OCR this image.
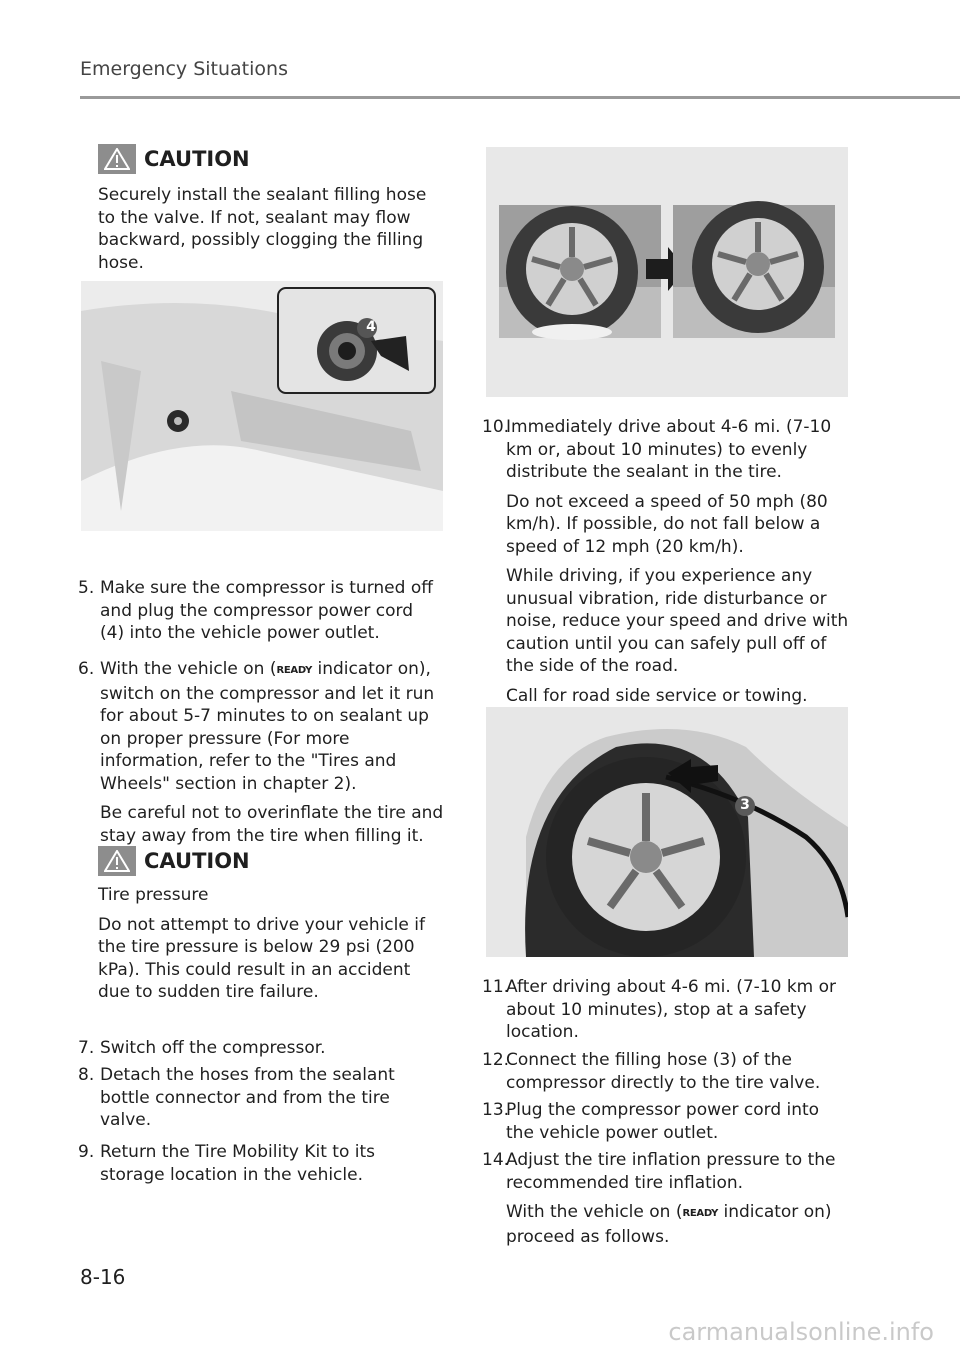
Emergency Situations
CAUTION
Securely install the sealant filling hose
to the valve. If not, sealant may flow
backward, possibly clogging the filling
hose.
4
5. Make sure the compressor is turned off
and plug the compressor power cord
(4) into the vehicle power outlet.
6. With the vehicle on (READY indicator on),
switch on the compressor and let it run
for about 5-7 minutes to on sealant up
on proper pressure (For more
information, refer to the "Tires and
Wheels" section in chapter 2).
Be careful not to overinflate the tire and
stay away from the tire when filling it.
CAUTION
Tire pressure
Do not attempt to drive your vehicle if
the tire pressure is below 29 psi (200
kPa). This could result in an accident
due to sudden tire failure.
7. Switch off the compressor.
8. Detach the hoses from the sealant
bottle connector and from the tire
valve.
9. Return the Tire Mobility Kit to its
storage location in the vehicle.
10.
Immediately drive about 4-6 mi. (7-10
km or, about 10 minutes) to evenly
distribute the sealant in the tire.
Do not exceed a speed of 50 mph (80
km/h). If possible, do not fall below a
speed of 12 mph (20 km/h).
While driving, if you experience any
unusual vibration, ride disturbance or
noise, reduce your speed and drive with
caution until you can safely pull off of
the side of the road.
Call for road side service or towing.
3
11.
After driving about 4-6 mi. (7-10 km or
about 10 minutes), stop at a safety
location.
12.
Connect the filling hose (3) of the
compressor directly to the tire valve.
13.
Plug the compressor power cord into
the vehicle power outlet.
14.
Adjust the tire inflation pressure to the
recommended tire inflation.
With the vehicle on (READY indicator on)
proceed as follows.
8-16
carmanualsonline.info
